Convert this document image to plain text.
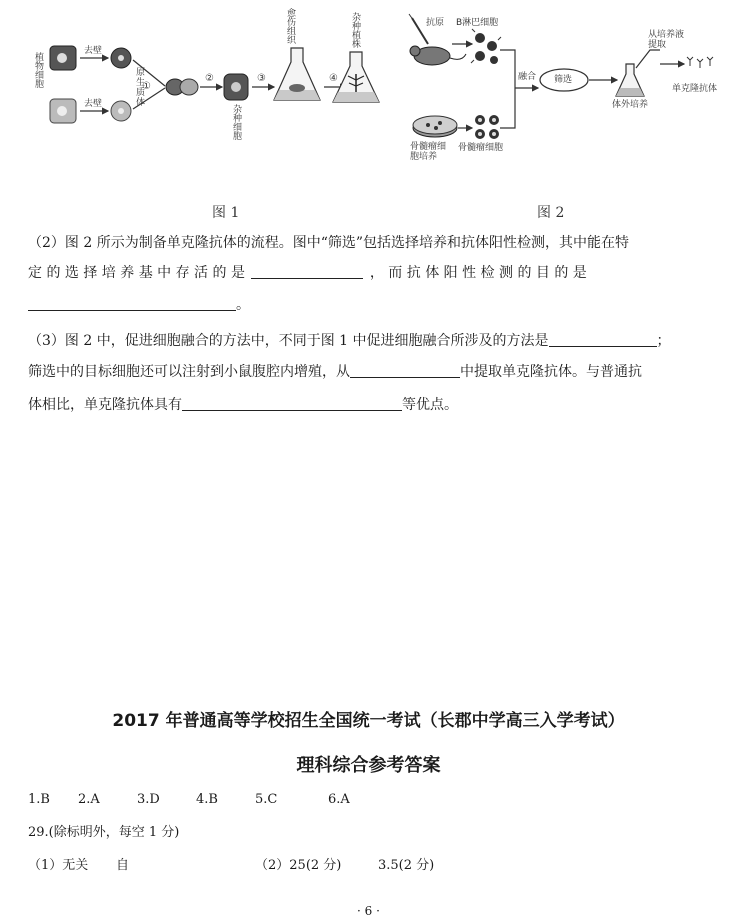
植物细胞
去壁
去壁
原生质体
①
②	③	④
杂种细胞
愈伤组织	杂种植株
图 1
抗原 B淋巴细胞
融合 筛选
体外培养
从培养液提取
单克隆抗体
骨髓瘤细胞培养
骨髓瘤细胞
图 2
（2）图 2 所示为制备单克隆抗体的流程。图中“筛选”包括选择培养和抗体阳性检测，其中能在特
定 的 选 择 培 养 基 中 存 活 的 是	， 而 抗 体 阳 性 检 测 的 目 的 是
。
（3）图 2 中，促进细胞融合的方法中，不同于图 1 中促进细胞融合所涉及的方法是	；
筛选中的目标细胞还可以注射到小鼠腹腔内增殖，从	中提取单克隆抗体。与普通抗
体相比，单克隆抗体具有	等优点。
2017 年普通高等学校招生全国统一考试（长郡中学高三入学考试）
理科综合参考答案
1.B 2.A	3.D	4.B	5.C	6.A
29.(除标明外，每空 1 分)
（1）无关 自	（2）25(2 分)	3.5(2 分)
· 6 ·
